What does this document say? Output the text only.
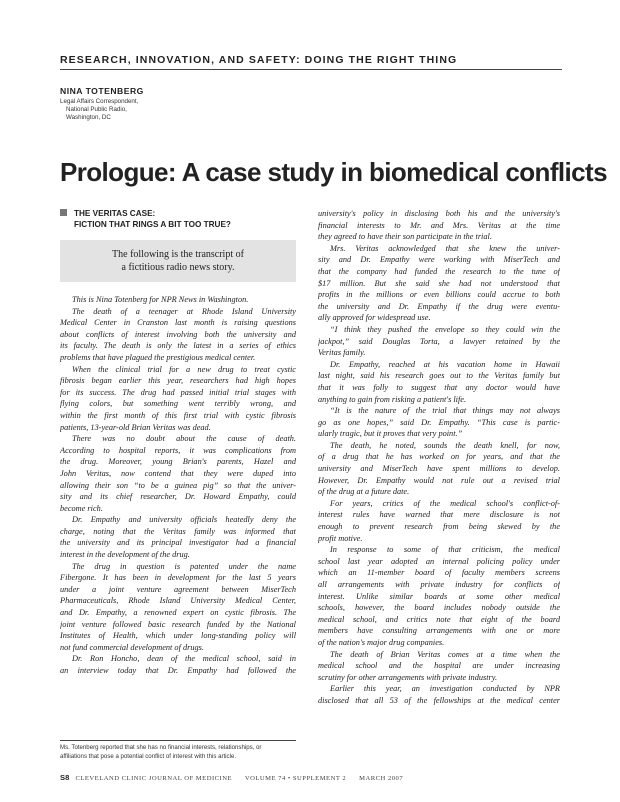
RESEARCH, INNOVATION, AND SAFETY: DOING THE RIGHT THING
NINA TOTENBERG
Legal Affairs Correspondent,
National Public Radio,
Washington, DC
Prologue: A case study in biomedical conflicts
THE VERITAS CASE:
FICTION THAT RINGS A BIT TOO TRUE?
The following is the transcript of
a fictitious radio news story.
This is Nina Totenberg for NPR News in Washington.
The death of a teenager at Rhode Island University
Medical Center in Cranston last month is raising questions
about conflicts of interest involving both the university and
its faculty. The death is only the latest in a series of ethics
problems that have plagued the prestigious medical center.
When the clinical trial for a new drug to treat cystic
fibrosis began earlier this year, researchers had high hopes
for its success. The drug had passed initial trial stages with
flying colors, but something went terribly wrong, and
within the first month of this first trial with cystic fibrosis
patients, 13-year-old Brian Veritas was dead.
There was no doubt about the cause of death.
According to hospital reports, it was complications from
the drug. Moreover, young Brian's parents, Hazel and
John Veritas, now contend that they were duped into
allowing their son “to be a guinea pig” so that the univer-
sity and its chief researcher, Dr. Howard Empathy, could
become rich.
Dr. Empathy and university officials heatedly deny the
charge, noting that the Veritas family was informed that
the university and its principal investigator had a financial
interest in the development of the drug.
The drug in question is patented under the name
Fibergone. It has been in development for the last 5 years
under a joint venture agreement between MiserTech
Pharmaceuticals, Rhode Island University Medical Center,
and Dr. Empathy, a renowned expert on cystic fibrosis. The
joint venture followed basic research funded by the National
Institutes of Health, which under long-standing policy will
not fund commercial development of drugs.
Dr. Ron Honcho, dean of the medical school, said in
an interview today that Dr. Empathy had followed the
university's policy in disclosing both his and the university's
financial interests to Mr. and Mrs. Veritas at the time
they agreed to have their son participate in the trial.
Mrs. Veritas acknowledged that she knew the univer-
sity and Dr. Empathy were working with MiserTech and
that the company had funded the research to the tune of
$17 million. But she said she had not understood that
profits in the millions or even billions could accrue to both
the university and Dr. Empathy if the drug were eventu-
ally approved for widespread use.
“I think they pushed the envelope so they could win the
jackpot,” said Douglas Torta, a lawyer retained by the
Veritas family.
Dr. Empathy, reached at his vacation home in Hawaii
last night, said his research goes out to the Veritas family but
that it was folly to suggest that any doctor would have
anything to gain from risking a patient's life.
“It is the nature of the trial that things may not always
go as one hopes,” said Dr. Empathy. “This case is partic-
ularly tragic, but it proves that very point.”
The death, he noted, sounds the death knell, for now,
of a drug that he has worked on for years, and that the
university and MiserTech have spent millions to develop.
However, Dr. Empathy would not rule out a revised trial
of the drug at a future date.
For years, critics of the medical school's conflict-of-
interest rules have warned that mere disclosure is not
enough to prevent research from being skewed by the
profit motive.
In response to some of that criticism, the medical
school last year adopted an internal policing policy under
which an 11-member board of faculty members screens
all arrangements with private industry for conflicts of
interest. Unlike similar boards at some other medical
schools, however, the board includes nobody outside the
medical school, and critics note that eight of the board
members have consulting arrangements with one or more
of the nation's major drug companies.
The death of Brian Veritas comes at a time when the
medical school and the hospital are under increasing
scrutiny for other arrangements with private industry.
Earlier this year, an investigation conducted by NPR
disclosed that all 53 of the fellowships at the medical center
Ms. Totenberg reported that she has no financial interests, relationships, or
affiliations that pose a potential conflict of interest with this article.
S8 CLEVELAND CLINIC JOURNAL OF MEDICINE VOLUME 74 • SUPPLEMENT 2 MARCH 2007
